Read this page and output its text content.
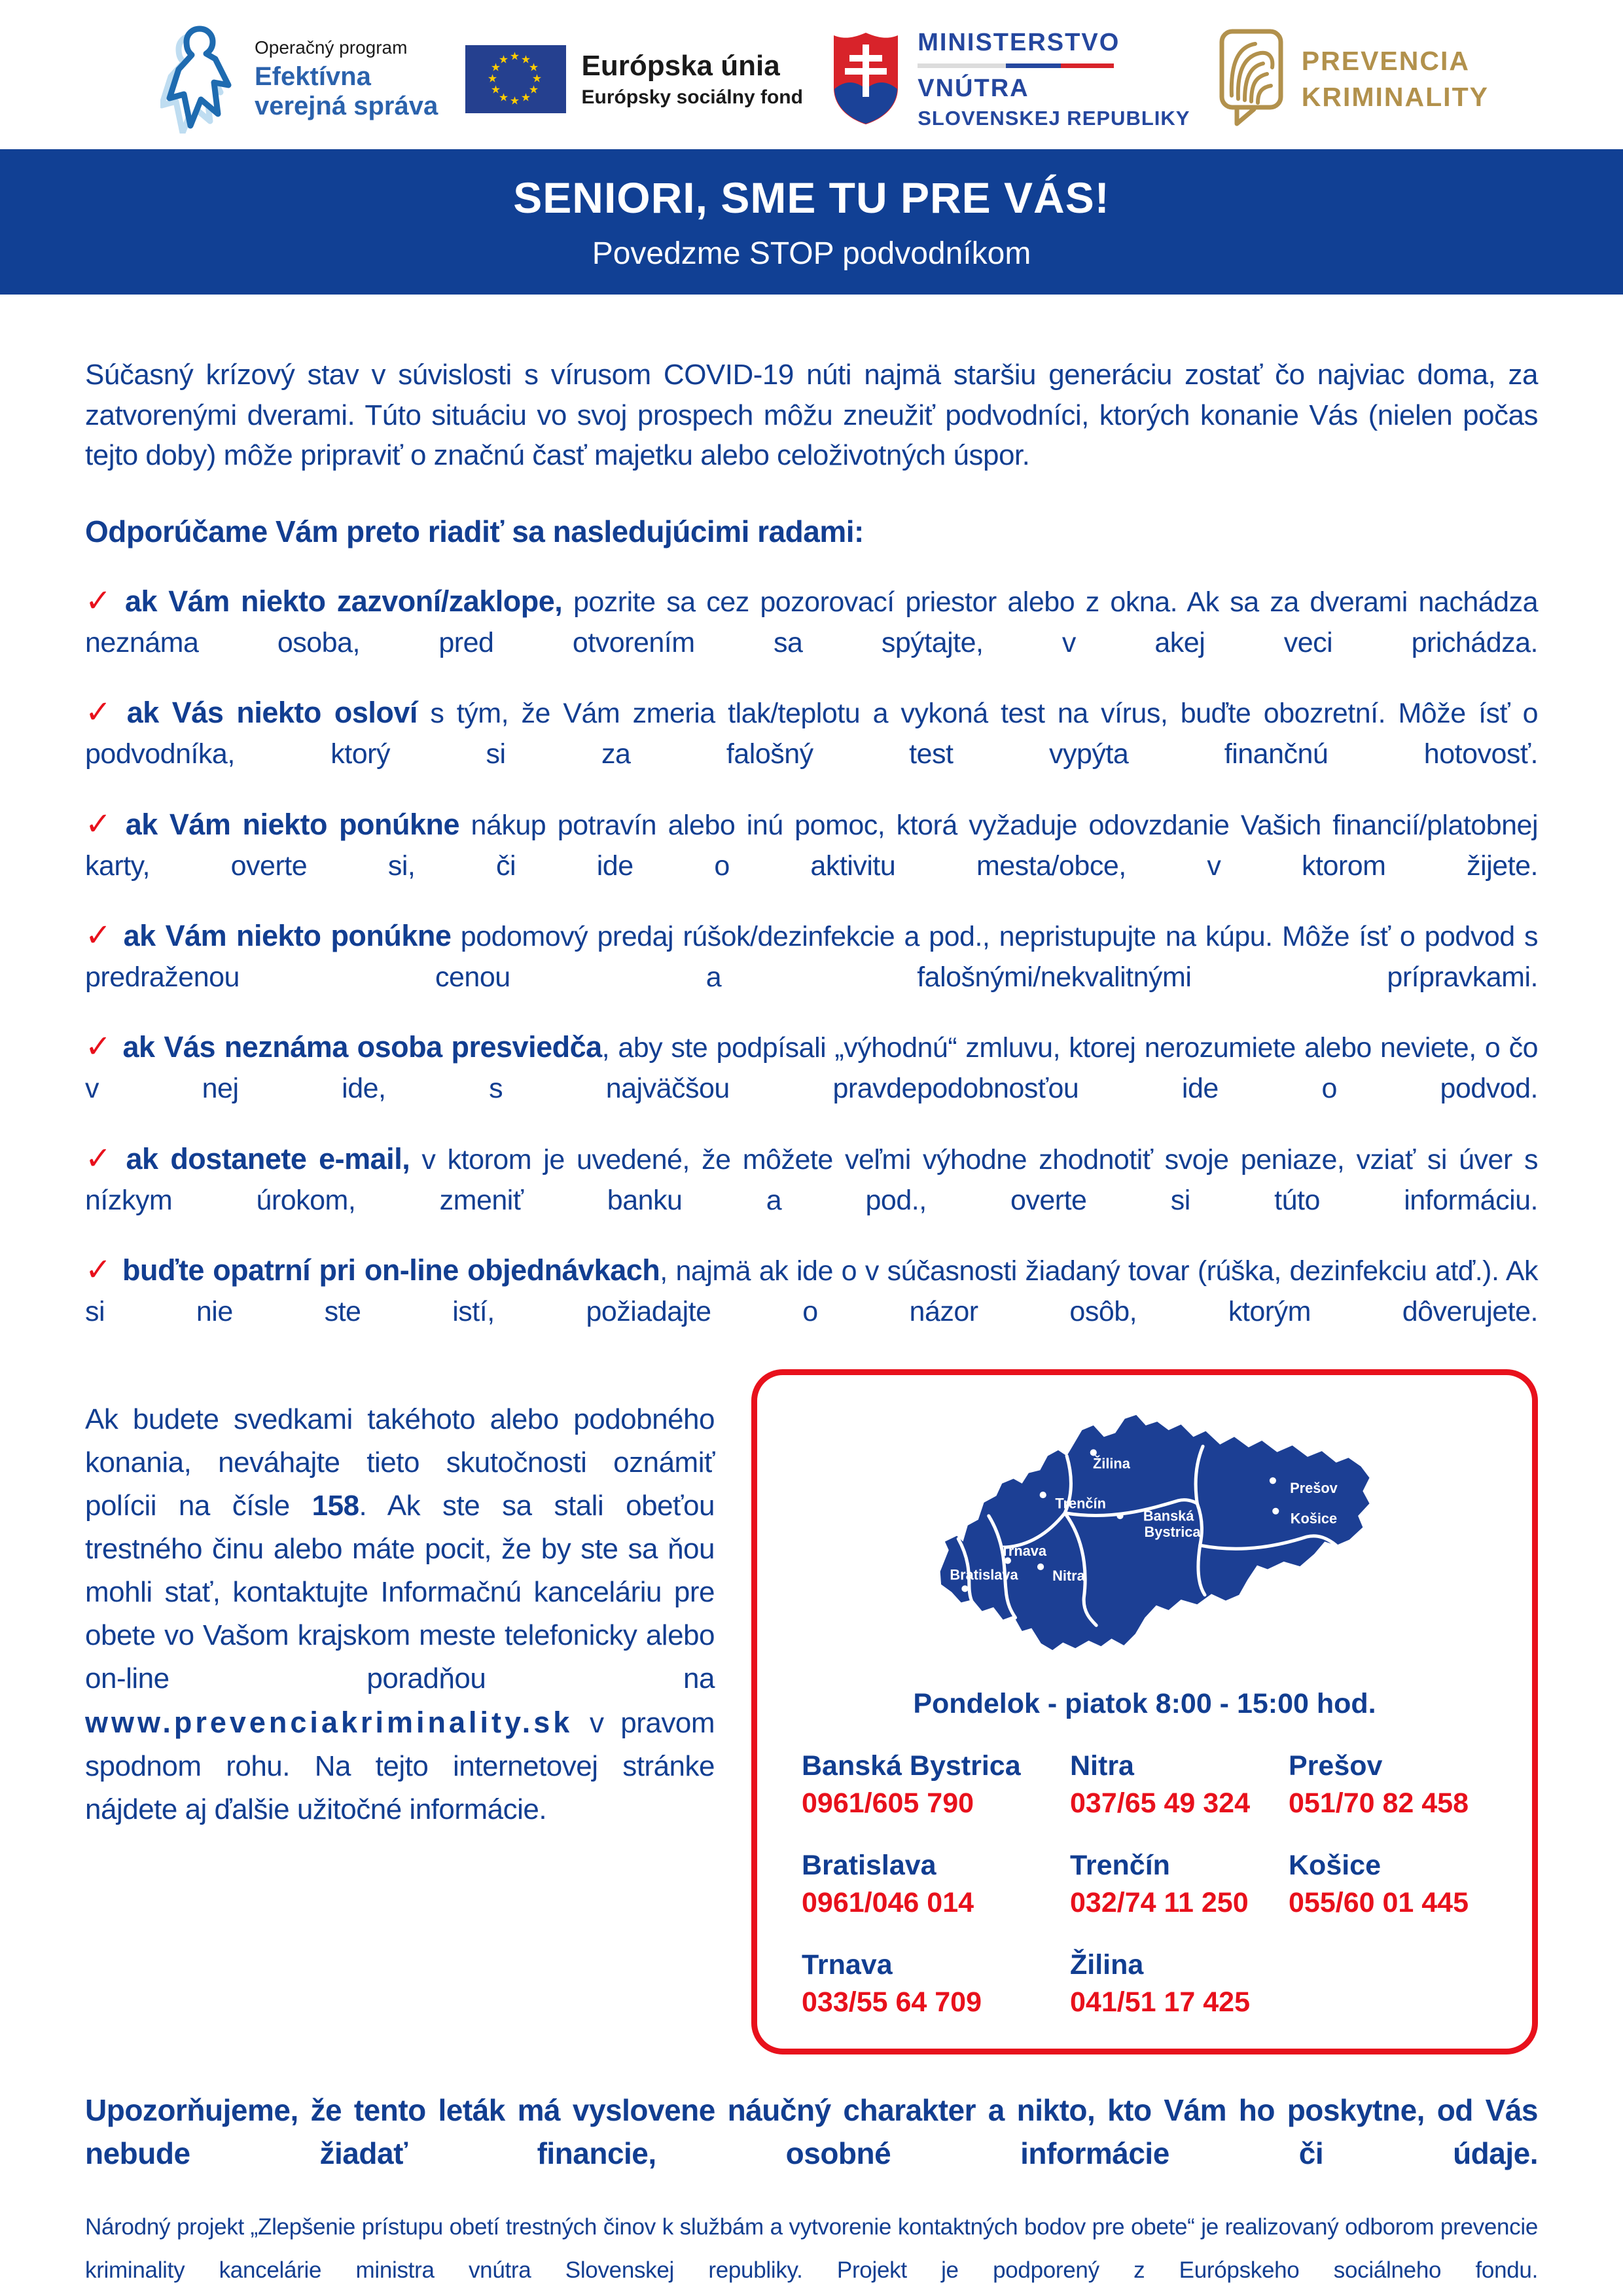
Operačný program
Efektívna
verejná správa
★ ★
★
★
★
★
★
★
★
★
★
★	Európska únia
Európsky sociálny fond
MINISTERSTVO
VNÚTRA
SLOVENSKEJ REPUBLIKY
PREVENCIA
KRIMINALITY
SENIORI, SME TU PRE VÁS!
Povedzme STOP podvodníkom

Súčasný krízový stav v súvislosti s vírusom COVID-19 núti najmä staršiu generáciu zostať čo najviac doma, za zatvorenými dverami. Túto situáciu vo svoj prospech môžu zneužiť podvodníci, ktorých konanie Vás (nielen počas tejto doby) môže pripraviť o značnú časť majetku alebo celoživotných úspor.

Odporúčame Vám preto riadiť sa nasledujúcimi radami:

✓ ak Vám niekto zazvoní/zaklope, pozrite sa cez pozorovací priestor alebo z okna. Ak sa za dverami nachádza neznáma osoba, pred otvorením sa spýtajte, v akej veci prichádza.

✓ ak Vás niekto osloví s tým, že Vám zmeria tlak/teplotu a vykoná test na vírus, buďte obozretní. Môže ísť o podvodníka, ktorý si za falošný test vypýta finančnú hotovosť.

✓ ak Vám niekto ponúkne nákup potravín alebo inú pomoc, ktorá vyžaduje odovzdanie Vašich financií/platobnej karty, overte si, či ide o aktivitu mesta/obce, v ktorom žijete.

✓ ak Vám niekto ponúkne podomový predaj rúšok/dezinfekcie a pod., nepristupujte na kúpu. Môže ísť o podvod s predraženou cenou a falošnými/nekvalitnými prípravkami.

✓ ak Vás neznáma osoba presviedča, aby ste podpísali „výhodnú“ zmluvu, ktorej nerozumiete alebo neviete, o čo v nej ide, s najväčšou pravdepodobnosťou ide o podvod.

✓ ak dostanete e-mail, v ktorom je uvedené, že môžete veľmi výhodne zhodnotiť svoje peniaze, vziať si úver s nízkym úrokom, zmeniť banku a pod., overte si túto informáciu.

✓ buďte opatrní pri on-line objednávkach, najmä ak ide o v súčasnosti žiadaný tovar (rúška, dezinfekciu atď.). Ak si nie ste istí, požiadajte o názor osôb, ktorým dôverujete.

Ak budete svedkami takéhoto alebo podobného konania, neváhajte tieto skutočnosti oznámiť polícii na čísle 158. Ak ste sa stali obeťou trestného činu alebo máte pocit, že by ste sa ňou mohli stať, kontaktujte Informačnú kanceláriu pre obete vo Vašom krajskom meste telefonicky alebo on-line poradňou na www.prevenciakriminality.sk v pravom spodnom rohu. Na tejto internetovej stránke nájdete aj ďalšie užitočné informácie.

Žilina
Trenčín
Banská
Bystrica
Prešov
Košice
Trnava
Nitra
Bratislava
Pondelok - piatok 8:00 - 15:00 hod.
Banská Bystrica
0961/605 790
Nitra
037/65 49 324
Prešov
051/70 82 458
Bratislava
0961/046 014
Trenčín
032/74 11 250
Košice
055/60 01 445
Trnava
033/55 64 709
Žilina
041/51 17 425

Upozorňujeme, že tento leták má vyslovene náučný charakter a nikto, kto Vám ho poskytne, od Vás nebude žiadať financie, osobné informácie či údaje.

Národný projekt „Zlepšenie prístupu obetí trestných činov k službám a vytvorenie kontaktných bodov pre obete“ je realizovaný odborom prevencie kriminality kancelárie ministra vnútra Slovenskej republiky. Projekt je podporený z Európskeho sociálneho fondu.
